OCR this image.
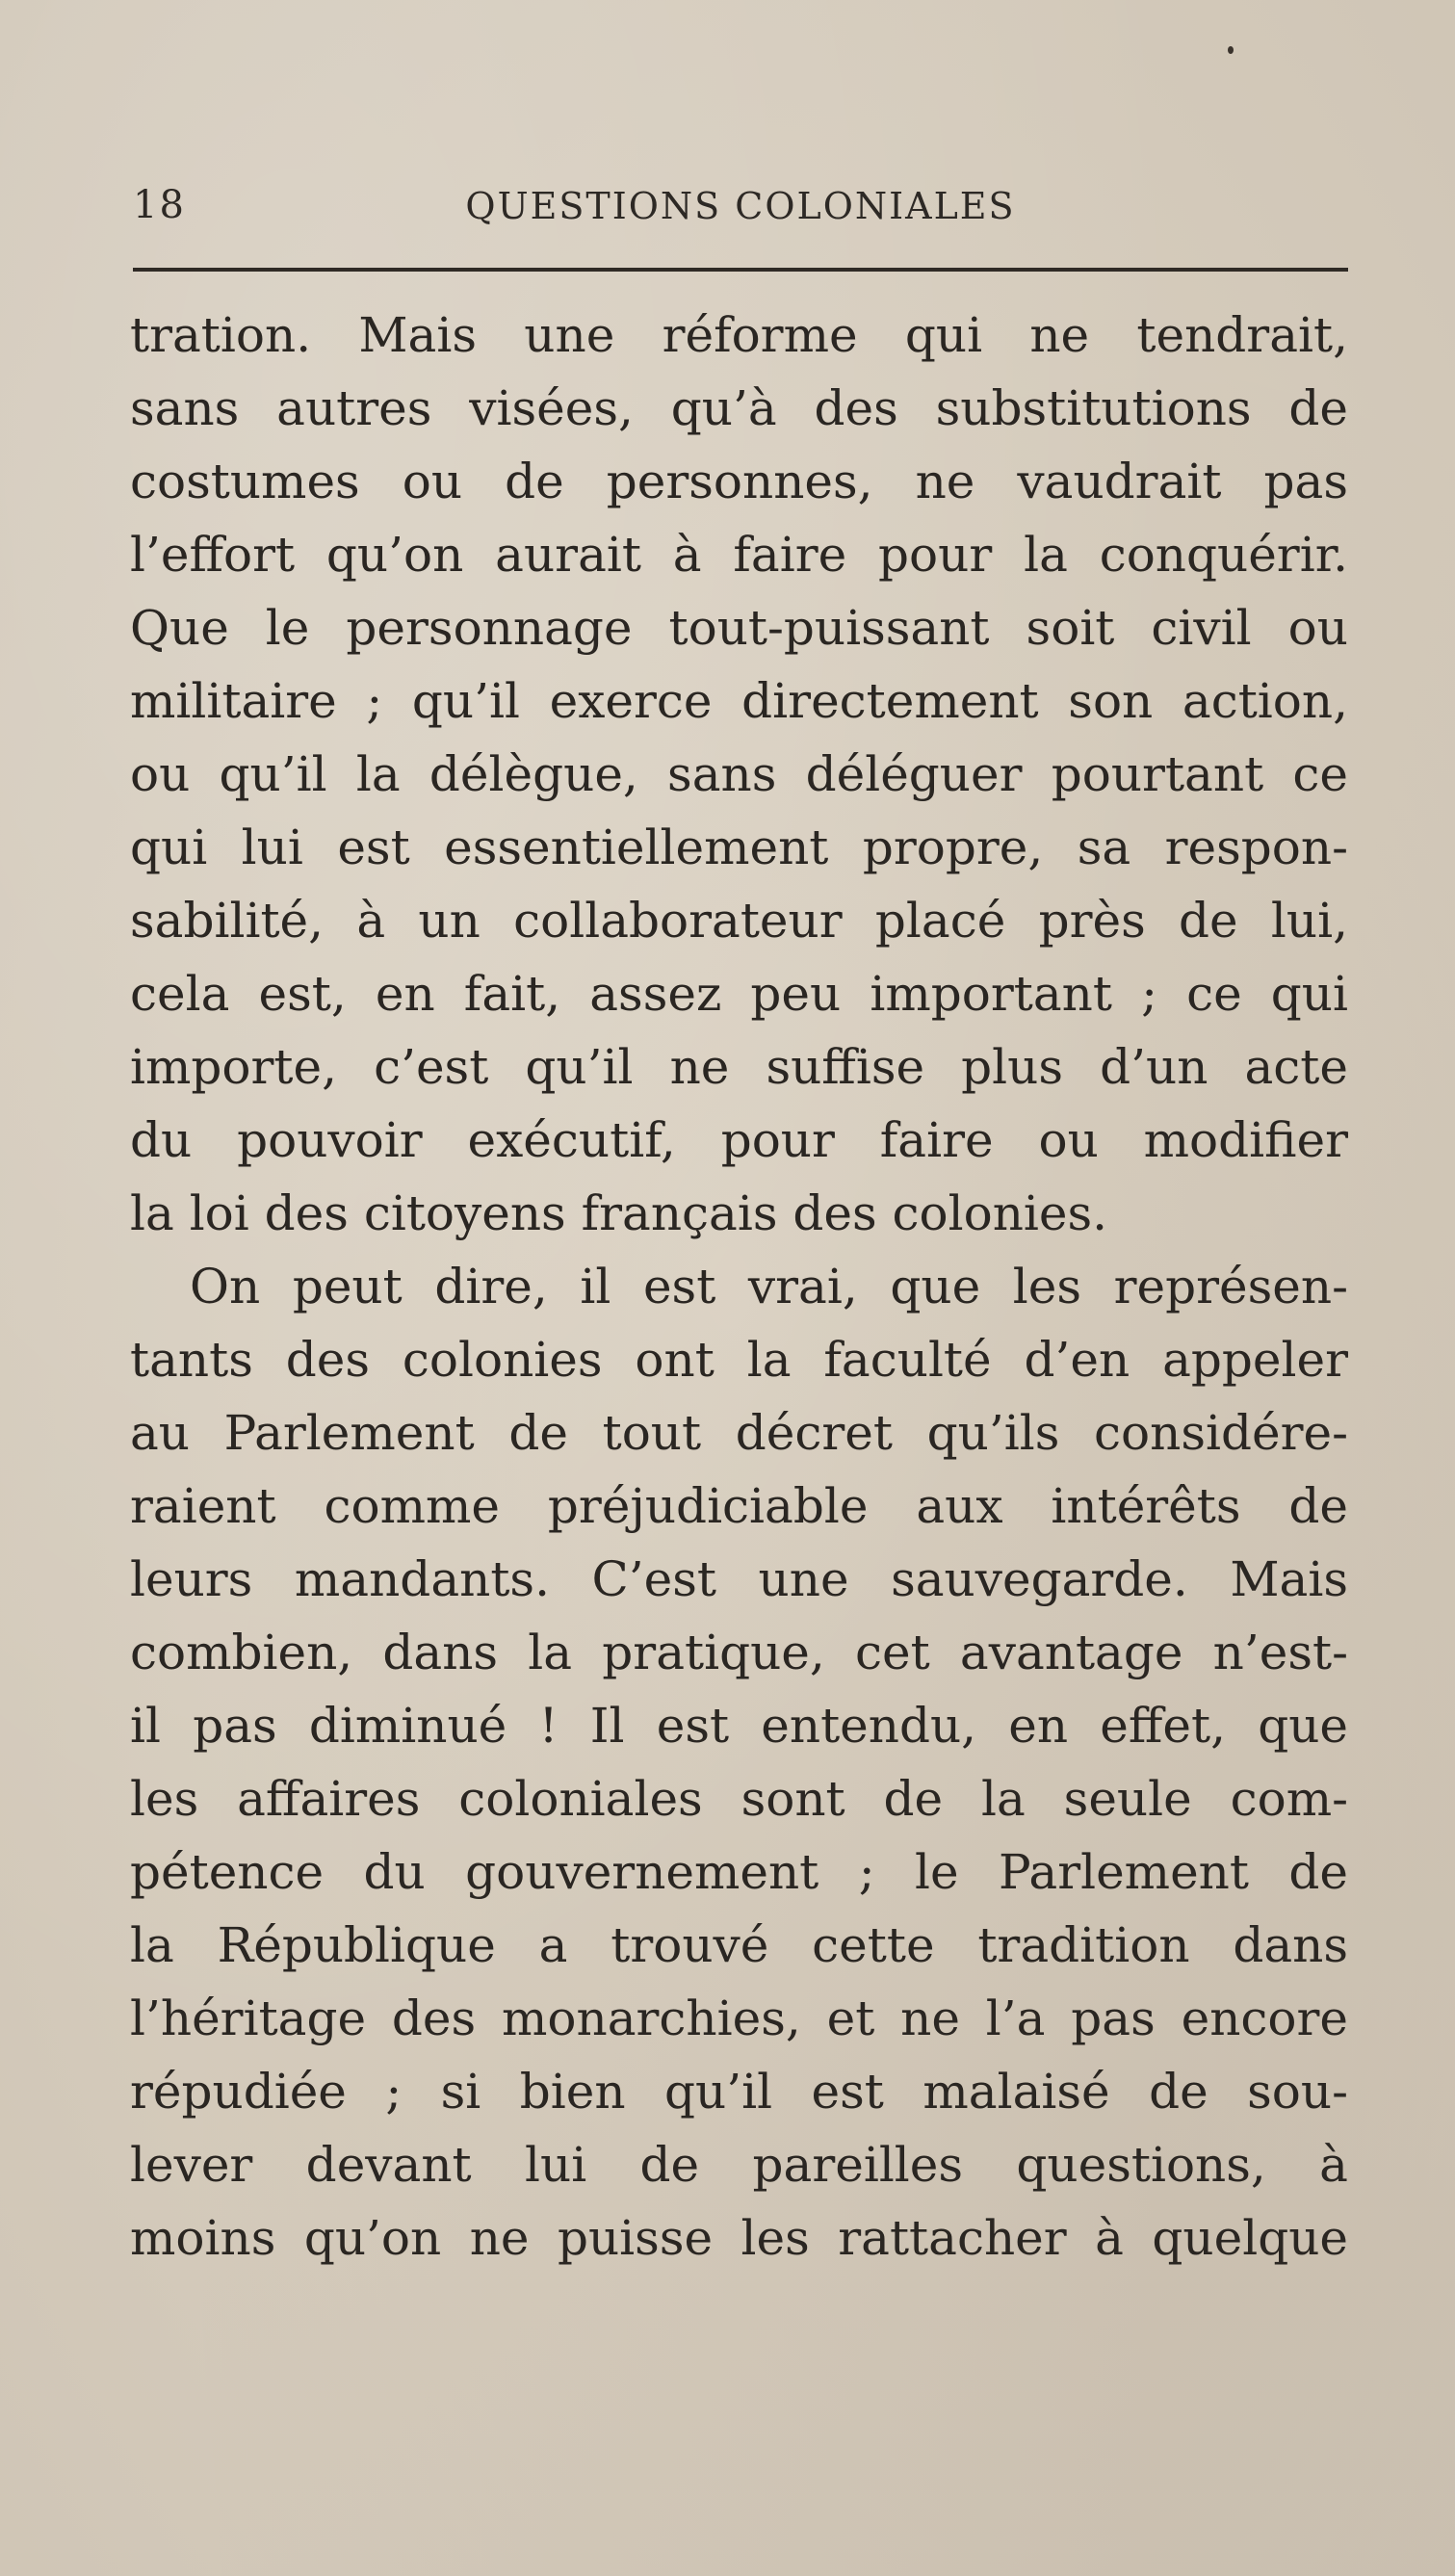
18	QUESTIONS COLONIALES
tration. Mais une réforme qui ne tendrait,
sans autres visées, qu’à des substitutions de
costumes ou de personnes, ne vaudrait pas
l’effort qu’on aurait à faire pour la conquérir.
Que le personnage tout-puissant soit civil ou
militaire ; qu’il exerce directement son action,
ou qu’il la délègue, sans déléguer pourtant ce
qui lui est essentiellement propre, sa respon-
sabilité, à un collaborateur placé près de lui,
cela est, en fait, assez peu important ; ce qui
importe, c’est qu’il ne suffise plus d’un acte
du pouvoir exécutif, pour faire ou modifier
la loi des citoyens français des colonies.
On peut dire, il est vrai, que les représen-
tants des colonies ont la faculté d’en appeler
au Parlement de tout décret qu’ils considére-
raient comme préjudiciable aux intérêts de
leurs mandants. C’est une sauvegarde. Mais
combien, dans la pratique, cet avantage n’est-
il pas diminué ! Il est entendu, en effet, que
les affaires coloniales sont de la seule com-
pétence du gouvernement ; le Parlement de
la République a trouvé cette tradition dans
l’héritage des monarchies, et ne l’a pas encore
répudiée ; si bien qu’il est malaisé de sou-
lever devant lui de pareilles questions, à
moins qu’on ne puisse les rattacher à quelque
